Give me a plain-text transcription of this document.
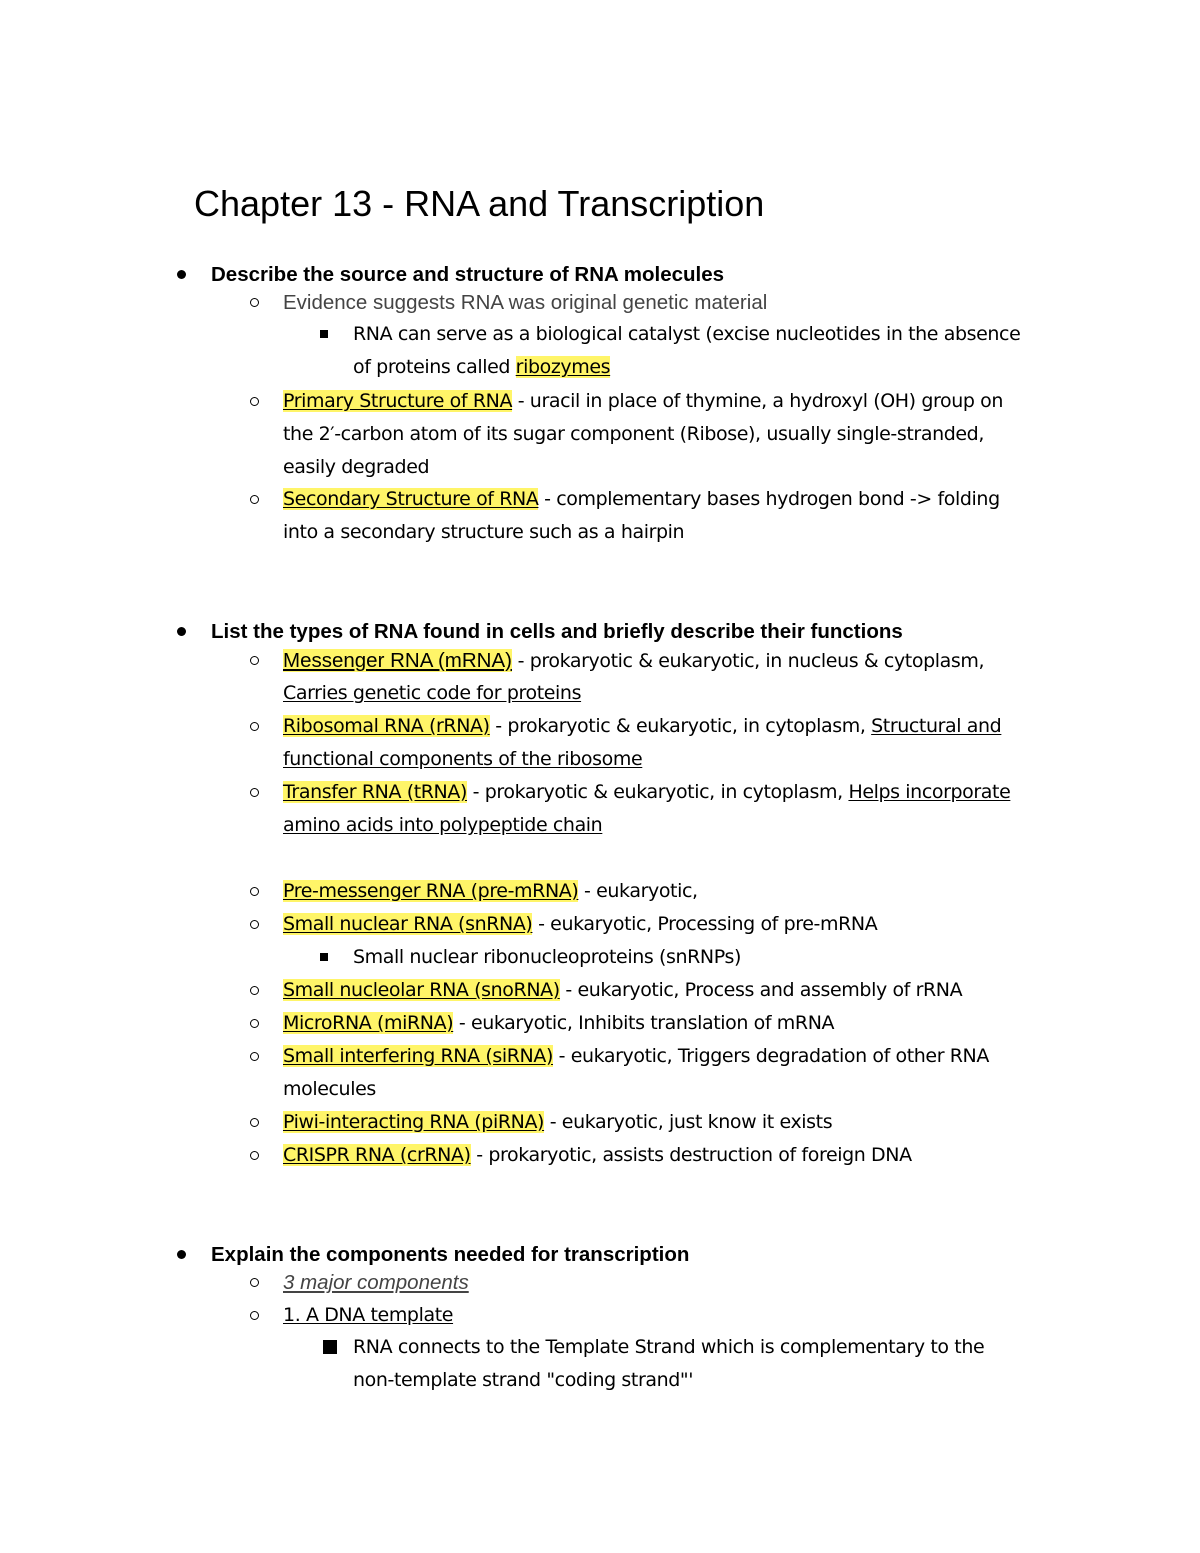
Chapter 13 - RNA and Transcription
Describe the source and structure of RNA molecules
Evidence suggests RNA was original genetic material
RNA can serve as a biological catalyst (excise nucleotides in the absence
of proteins called ribozymes
Primary Structure of RNA - uracil in place of thymine, a hydroxyl (OH) group on
the 2′-carbon atom of its sugar component (Ribose), usually single-stranded,
easily degraded
Secondary Structure of RNA - complementary bases hydrogen bond -> folding
into a secondary structure such as a hairpin
List the types of RNA found in cells and briefly describe their functions
Messenger RNA (mRNA) - prokaryotic & eukaryotic, in nucleus & cytoplasm,
Carries genetic code for proteins
Ribosomal RNA (rRNA) - prokaryotic & eukaryotic, in cytoplasm, Structural and
functional components of the ribosome
Transfer RNA (tRNA) - prokaryotic & eukaryotic, in cytoplasm, Helps incorporate
amino acids into polypeptide chain
Pre-messenger RNA (pre-mRNA) - eukaryotic,
Small nuclear RNA (snRNA) - eukaryotic, Processing of pre-mRNA
Small nuclear ribonucleoproteins (snRNPs)
Small nucleolar RNA (snoRNA) - eukaryotic, Process and assembly of rRNA
MicroRNA (miRNA) - eukaryotic, Inhibits translation of mRNA
Small interfering RNA (siRNA) - eukaryotic, Triggers degradation of other RNA
molecules
Piwi-interacting RNA (piRNA) - eukaryotic, just know it exists
CRISPR RNA (crRNA) - prokaryotic, assists destruction of foreign DNA
Explain the components needed for transcription
3 major components
1. A DNA template
RNA connects to the Template Strand which is complementary to the
non-template strand "coding strand"'
